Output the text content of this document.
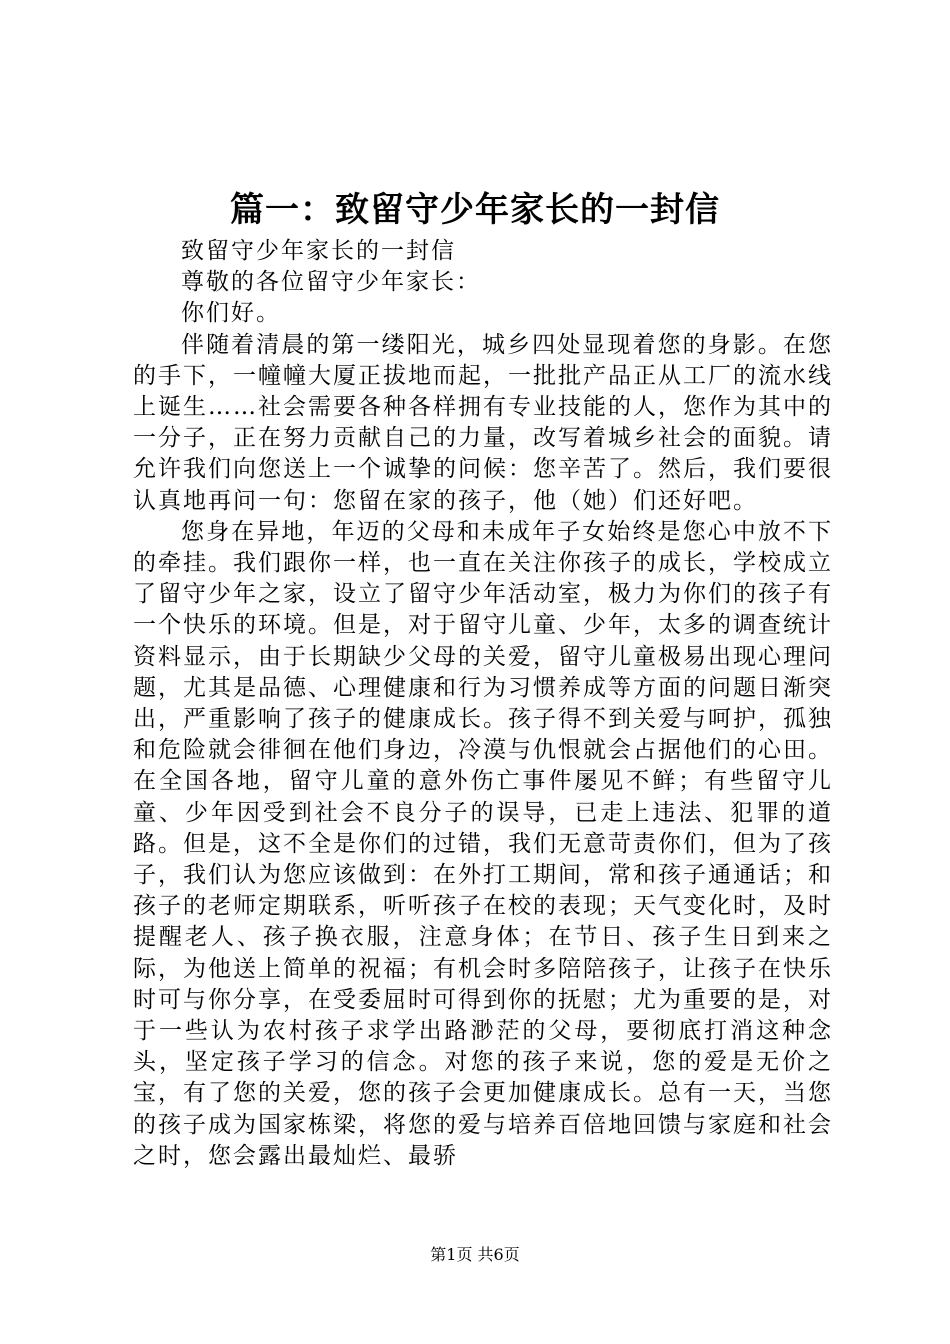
篇一：致留守少年家长的一封信

致留守少年家长的一封信

尊敬的各位留守少年家长：

你们好。

伴随着清晨的第一缕阳光，城乡四处显现着您的身影。在您的手下，一幢幢大厦正拔地而起，一批批产品正从工厂的流水线上诞生……社会需要各种各样拥有专业技能的人，您作为其中的一分子，正在努力贡献自己的力量，改写着城乡社会的面貌。请允许我们向您送上一个诚挚的问候：您辛苦了。然后，我们要很认真地再问一句：您留在家的孩子，他（她）们还好吧。

您身在异地，年迈的父母和未成年子女始终是您心中放不下的牵挂。我们跟你一样，也一直在关注你孩子的成长，学校成立了留守少年之家，设立了留守少年活动室，极力为你们的孩子有一个快乐的环境。但是，对于留守儿童、少年，太多的调查统计资料显示，由于长期缺少父母的关爱，留守儿童极易出现心理问题，尤其是品德、心理健康和行为习惯养成等方面的问题日渐突出，严重影响了孩子的健康成长。孩子得不到关爱与呵护，孤独和危险就会徘徊在他们身边，冷漠与仇恨就会占据他们的心田。在全国各地，留守儿童的意外伤亡事件屡见不鲜；有些留守儿童、少年因受到社会不良分子的误导，已走上违法、犯罪的道路。但是，这不全是你们的过错，我们无意苛责你们，但为了孩子，我们认为您应该做到：在外打工期间，常和孩子通通话；和孩子的老师定期联系，听听孩子在校的表现；天气变化时，及时提醒老人、孩子换衣服，注意身体；在节日、孩子生日到来之际，为他送上简单的祝福；有机会时多陪陪孩子，让孩子在快乐时可与你分享，在受委屈时可得到你的抚慰；尤为重要的是，对于一些认为农村孩子求学出路渺茫的父母，要彻底打消这种念头，坚定孩子学习的信念。对您的孩子来说，您的爱是无价之宝，有了您的关爱，您的孩子会更加健康成长。总有一天，当您的孩子成为国家栋梁，将您的爱与培养百倍地回馈与家庭和社会之时，您会露出最灿烂、最骄

第1页 共6页
